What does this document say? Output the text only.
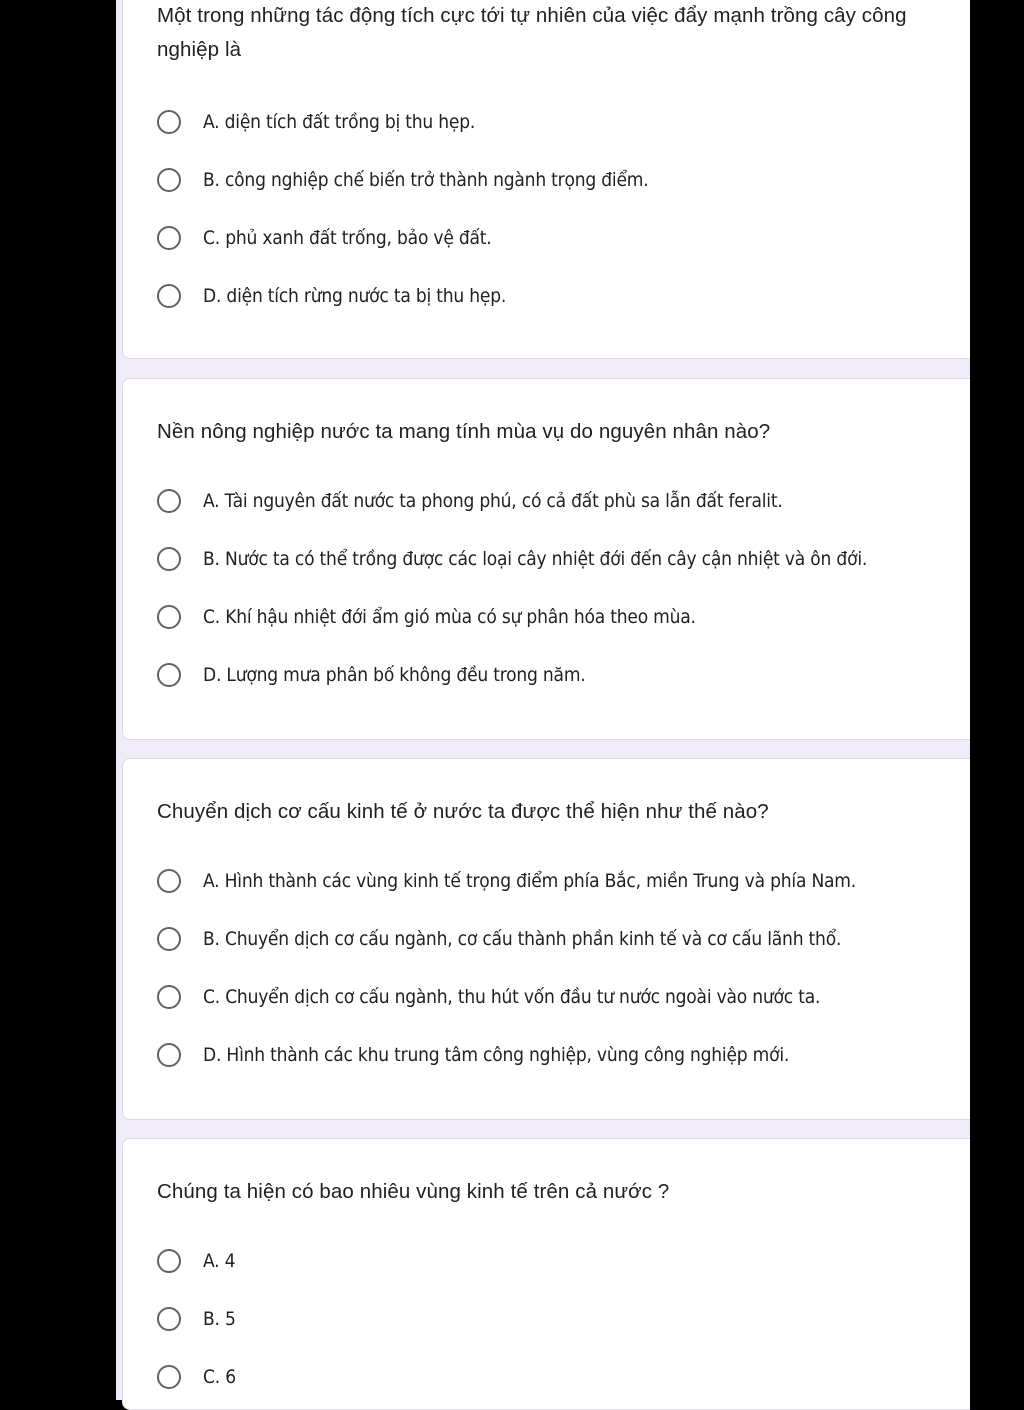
Một trong những tác động tích cực tới tự nhiên của việc đẩy mạnh trồng cây công nghiệp là
A. diện tích đất trồng bị thu hẹp.
B. công nghiệp chế biến trở thành ngành trọng điểm.
C. phủ xanh đất trống, bảo vệ đất.
D. diện tích rừng nước ta bị thu hẹp.
Nền nông nghiệp nước ta mang tính mùa vụ do nguyên nhân nào?
A. Tài nguyên đất nước ta phong phú, có cả đất phù sa lẫn đất feralit.
B. Nước ta có thể trồng được các loại cây nhiệt đới đến cây cận nhiệt và ôn đới.
C. Khí hậu nhiệt đới ẩm gió mùa có sự phân hóa theo mùa.
D. Lượng mưa phân bố không đều trong năm.
Chuyển dịch cơ cấu kinh tế ở nước ta được thể hiện như thế nào?
A. Hình thành các vùng kinh tế trọng điểm phía Bắc, miền Trung và phía Nam.
B. Chuyển dịch cơ cấu ngành, cơ cấu thành phần kinh tế và cơ cấu lãnh thổ.
C. Chuyển dịch cơ cấu ngành, thu hút vốn đầu tư nước ngoài vào nước ta.
D. Hình thành các khu trung tâm công nghiệp, vùng công nghiệp mới.
Chúng ta hiện có bao nhiêu vùng kinh tế trên cả nước ?
A. 4
B. 5
C. 6
